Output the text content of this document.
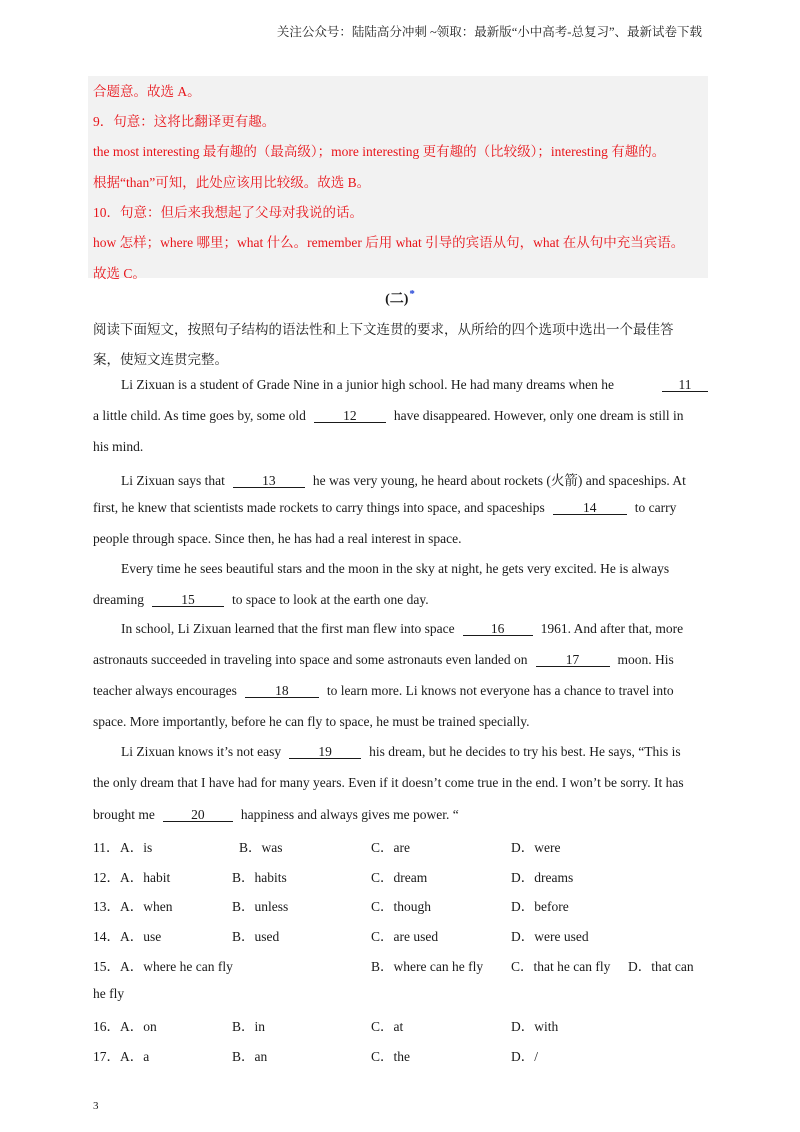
关注公众号：陆陆高分冲刺 ~领取：最新版“小中高考-总复习”、最新试卷下载
合题意。故选 A。
9．句意：这将比翻译更有趣。
the most interesting 最有趣的（最高级）；more interesting 更有趣的（比较级）；interesting 有趣的。
根据“than”可知，此处应该用比较级。故选 B。
10．句意：但后来我想起了父母对我说的话。
how 怎样；where 哪里；what 什么。remember 后用 what 引导的宾语从句，what 在从句中充当宾语。
故选 C。
(二)*
阅读下面短文，按照句子结构的语法性和上下文连贯的要求，从所给的四个选项中选出一个最佳答
案，使短文连贯完整。
Li Zixuan is a student of Grade Nine in a junior high school. He had many dreams when he	11
a little child. As time goes by, some old	12	have disappeared. However, only one dream is still in
his mind.
Li Zixuan says that	13	he was very young, he heard about rockets (火箭) and spaceships. At
first, he knew that scientists made rockets to carry things into space, and spaceships	14	to carry
people through space. Since then, he has had a real interest in space.
Every time he sees beautiful stars and the moon in the sky at night, he gets very excited. He is always
dreaming	15	to space to look at the earth one day.
In school, Li Zixuan learned that the first man flew into space	16	1961. And after that, more
astronauts succeeded in traveling into space and some astronauts even landed on	17	moon. His
teacher always encourages	18	to learn more. Li knows not everyone has a chance to travel into
space. More importantly, before he can fly to space, he must be trained specially.
Li Zixuan knows it’s not easy	19	his dream, but he decides to try his best. He says, “This is
the only dream that I have had for many years. Even if it doesn’t come true in the end. I won’t be sorry. It has
brought me	20	happiness and always gives me power. “
11． A．is	B．was	C．are	D．were
12． A．habit	B．habits	C．dream	D．dreams
13． A．when	B．unless	C．though	D．before
14． A．use	B．used	C．are used	D．were used
15． A．where he can fly	B．where can he fly C．that he can fly D．that can
he fly
16． A．on	B．in	C．at	D．with
17． A．a	B．an	C．the	D．/
3
